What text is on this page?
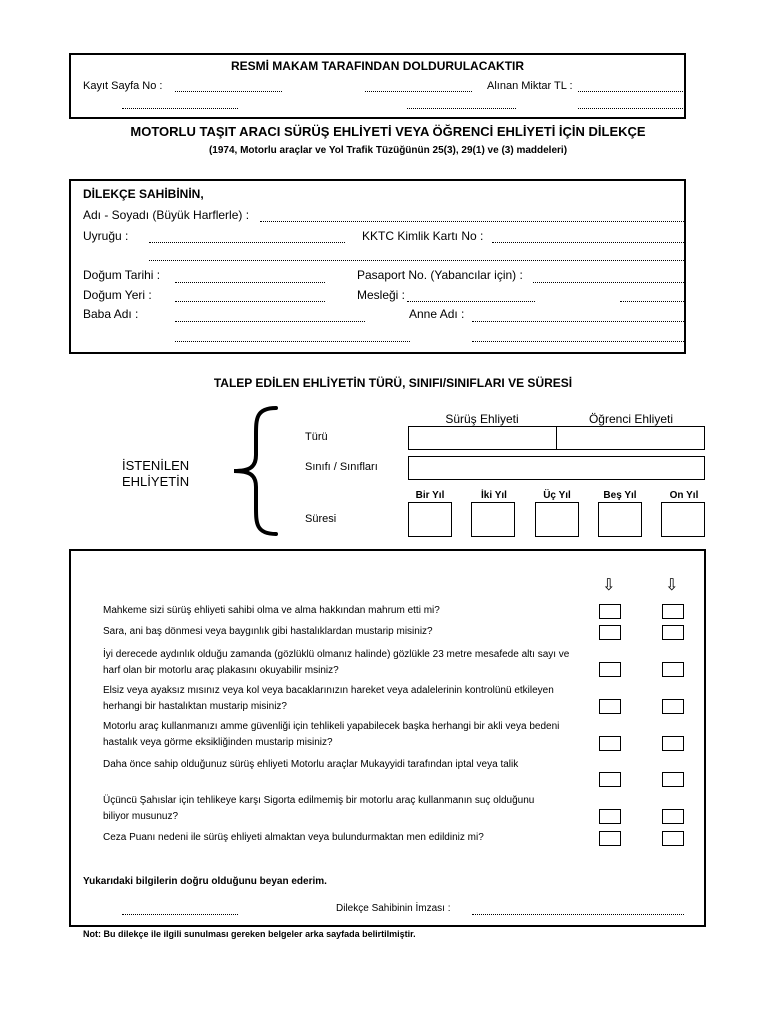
RESMİ MAKAM TARAFINDAN DOLDURULACAKTIR
Kayıt Sayfa No :	Alınan Miktar TL :
MOTORLU TAŞIT ARACI SÜRÜŞ EHLİYETİ VEYA ÖĞRENCİ EHLİYETİ İÇİN DİLEKÇE
(1974, Motorlu araçlar ve Yol Trafik Tüzüğünün 25(3), 29(1) ve (3) maddeleri)
DİLEKÇE SAHİBİNİN,
Adı - Soyadı (Büyük Harflerle) :
Uyruğu :	KKTC Kimlik Kartı No :
Doğum Tarihi :	Pasaport No. (Yabancılar için) :
Doğum Yeri :	Mesleği :
Baba Adı :	Anne Adı :
TALEP EDİLEN EHLİYETİN TÜRÜ, SINIFI/SINIFLARI VE SÜRESİ
İSTENİLEN
EHLİYETİN
Türü
Sınıfı / Sınıfları
Süresi
Sürüş Ehliyeti	Öğrenci Ehliyeti
Bir Yıl	İki Yıl	Üç Yıl	Beş Yıl	On Yıl
⇩	⇩
Mahkeme sizi sürüş ehliyeti sahibi olma ve alma hakkından mahrum etti mi?
Sara, ani baş dönmesi veya baygınlık gibi hastalıklardan mustarip misiniz?
İyi derecede aydınlık olduğu zamanda (gözlüklü olmanız halinde) gözlükle 23 metre mesafede altı sayı ve harf olan bir motorlu araç plakasını okuyabilir msiniz?
Elsiz veya ayaksız mısınız veya kol veya bacaklarınızın hareket veya adalelerinin kontrolünü etkileyen herhangi bir hastalıktan mustarip misiniz?
Motorlu araç kullanmanızı amme güvenliği için tehlikeli yapabilecek başka herhangi bir akli veya bedeni hastalık veya görme eksikliğinden mustarip misiniz?
Daha önce sahip olduğunuz sürüş ehliyeti Motorlu araçlar Mukayyidi tarafından iptal veya talik
Üçüncü Şahıslar için tehlikeye karşı Sigorta edilmemiş bir motorlu araç kullanmanın suç olduğunu biliyor musunuz?
Ceza Puanı nedeni ile sürüş ehliyeti almaktan veya bulundurmaktan men edildiniz mi?
Yukarıdaki bilgilerin doğru olduğunu beyan ederim.
Dilekçe Sahibinin İmzası :
Not: Bu dilekçe ile ilgili sunulması gereken belgeler arka sayfada belirtilmiştir.
